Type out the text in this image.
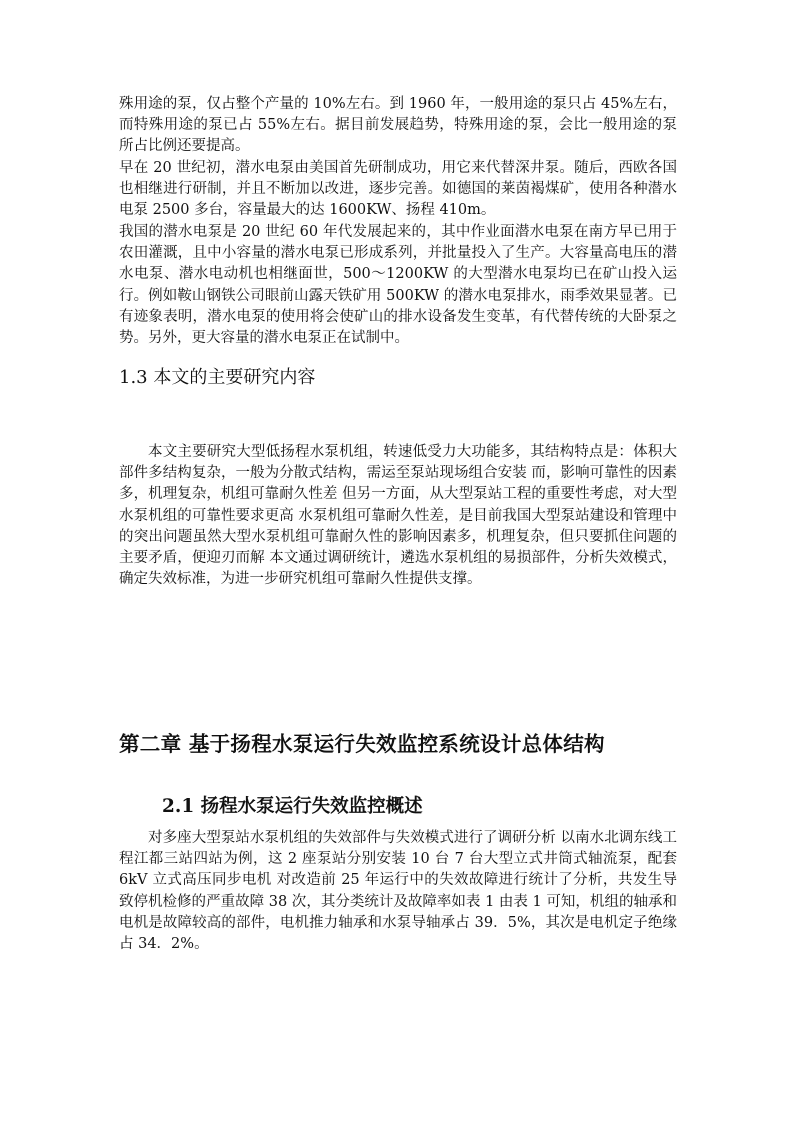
殊用途的泵，仅占整个产量的 10%左右。到 1960 年，一般用途的泵只占 45%左右，而特殊用途的泵已占 55%左右。据目前发展趋势，特殊用途的泵，会比一般用途的泵所占比例还要提高。

早在 20 世纪初，潜水电泵由美国首先研制成功，用它来代替深井泵。随后，西欧各国也相继进行研制，并且不断加以改进，逐步完善。如德国的莱茵褐煤矿，使用各种潜水电泵 2500 多台，容量最大的达 1600KW、扬程 410m。

我国的潜水电泵是 20 世纪 60 年代发展起来的，其中作业面潜水电泵在南方早已用于农田灌溉，且中小容量的潜水电泵已形成系列，并批量投入了生产。大容量高电压的潜水电泵、潜水电动机也相继面世，500～1200KW 的大型潜水电泵均已在矿山投入运行。例如鞍山钢铁公司眼前山露天铁矿用 500KW 的潜水电泵排水，雨季效果显著。已有迹象表明，潜水电泵的使用将会使矿山的排水设备发生变革，有代替传统的大卧泵之势。另外，更大容量的潜水电泵正在试制中。

1.3 本文的主要研究内容

本文主要研究大型低扬程水泵机组，转速低受力大功能多，其结构特点是：体积大部件多结构复杂，一般为分散式结构，需运至泵站现场组合安装 而，影响可靠性的因素多，机理复杂，机组可靠耐久性差 但另一方面，从大型泵站工程的重要性考虑，对大型水泵机组的可靠性要求更高 水泵机组可靠耐久性差，是目前我国大型泵站建设和管理中的突出问题虽然大型水泵机组可靠耐久性的影响因素多，机理复杂，但只要抓住问题的主要矛盾，便迎刃而解 本文通过调研统计，遴选水泵机组的易损部件，分析失效模式，确定失效标准，为进一步研究机组可靠耐久性提供支撑。

第二章 基于扬程水泵运行失效监控系统设计总体结构
2.1 扬程水泵运行失效监控概述

对多座大型泵站水泵机组的失效部件与失效模式进行了调研分析 以南水北调东线工程江都三站四站为例，这 2 座泵站分别安装 10 台 7 台大型立式井筒式轴流泵，配套 6kV 立式高压同步电机 对改造前 25 年运行中的失效故障进行统计了分析，共发生导致停机检修的严重故障 38 次，其分类统计及故障率如表 1 由表 1 可知，机组的轴承和电机是故障较高的部件，电机推力轴承和水泵导轴承占 39．5%，其次是电机定子绝缘占 34．2%。
